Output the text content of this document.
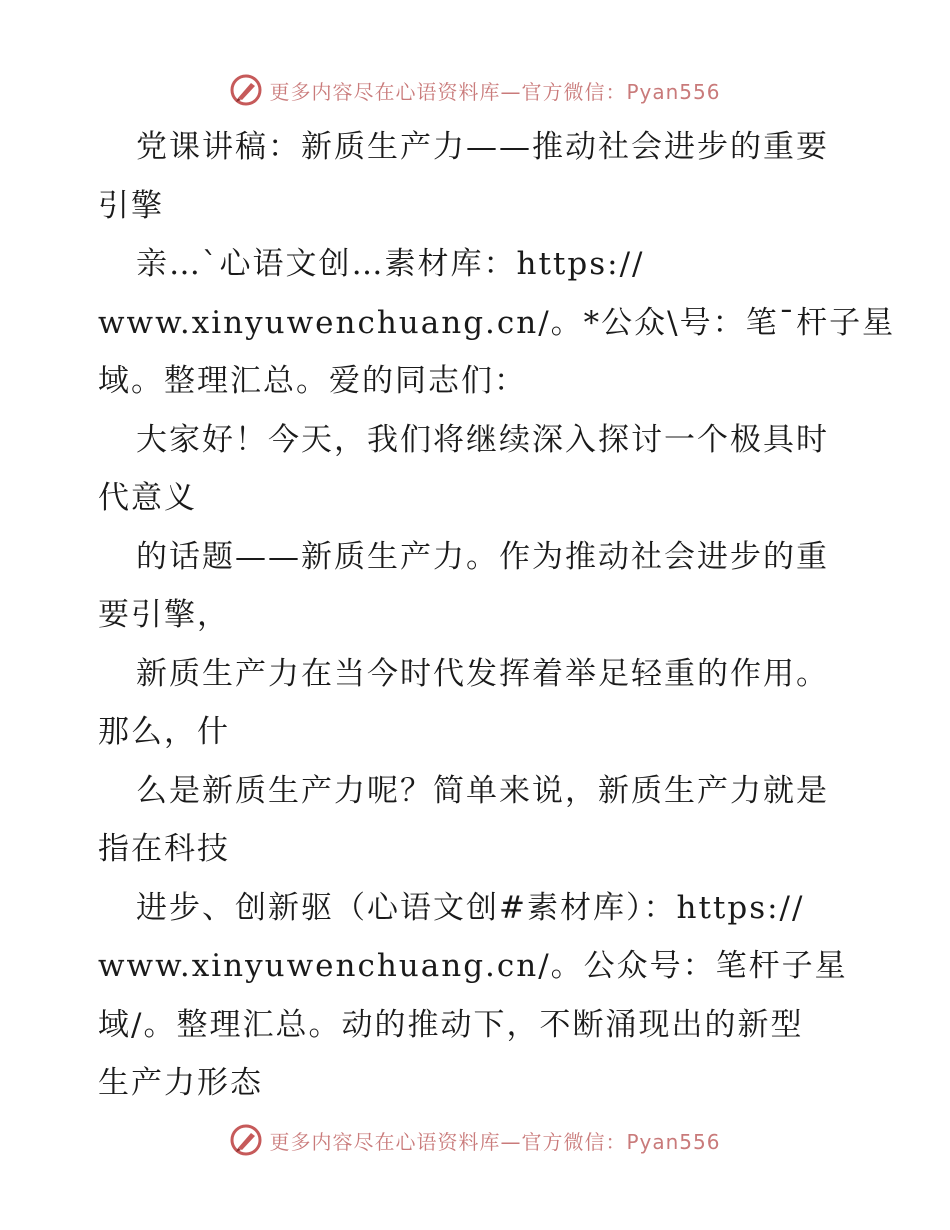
更多内容尽在心语资料库—官方微信：Pyan556
党课讲稿：新质生产力——推动社会进步的重要
引擎
亲…`心语文创…素材库：https://
www.xinyuwenchuang.cn/。*公众\号：笔¯杆子星
域。整理汇总。爱的同志们：
大家好！今天，我们将继续深入探讨一个极具时
代意义
的话题——新质生产力。作为推动社会进步的重
要引擎，
新质生产力在当今时代发挥着举足轻重的作用。
那么，什
么是新质生产力呢？简单来说，新质生产力就是
指在科技
进步、创新驱（心语文创#素材库）：https://
www.xinyuwenchuang.cn/。公众号：笔杆子星
域/。整理汇总。动的推动下，不断涌现出的新型
生产力形态
更多内容尽在心语资料库—官方微信：Pyan556
